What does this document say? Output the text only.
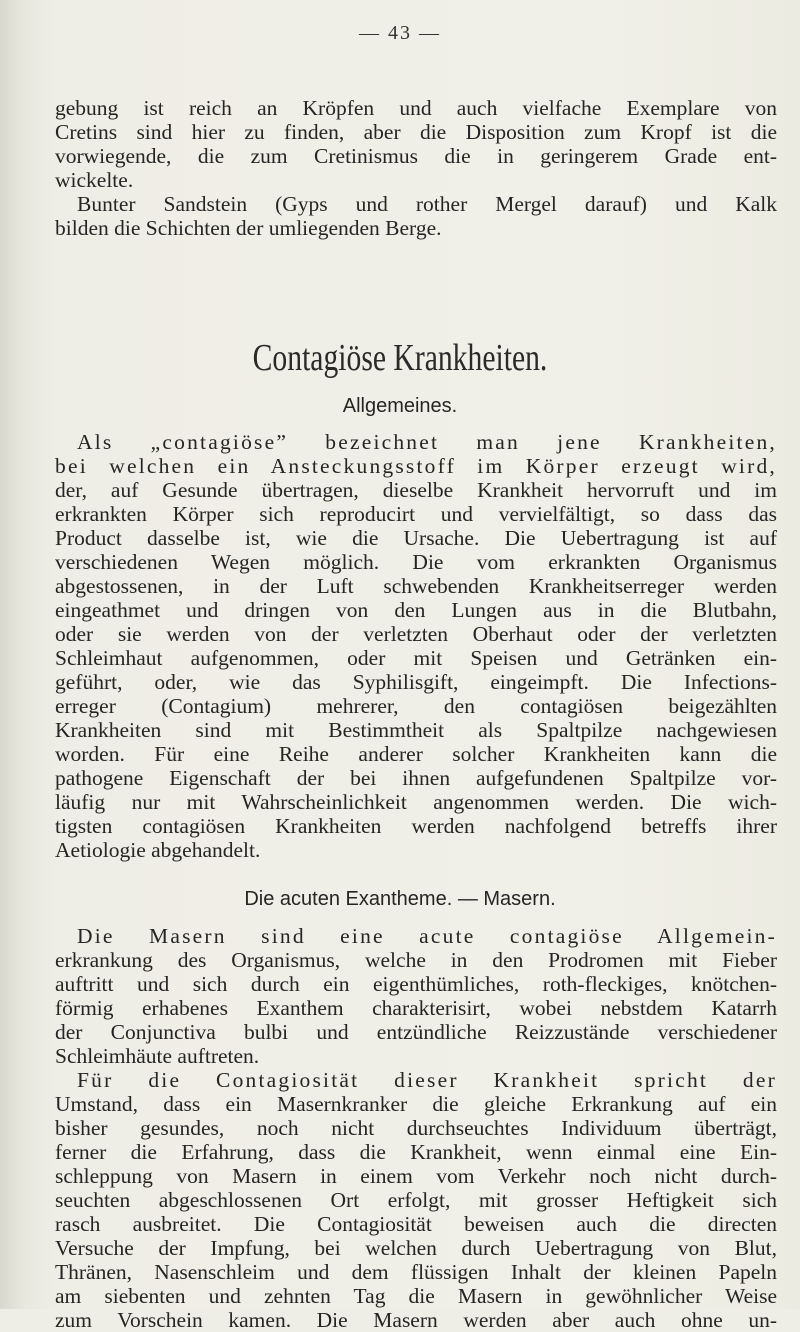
— 43 —
gebung ist reich an Kröpfen und auch vielfache Exemplare von
Cretins sind hier zu finden, aber die Disposition zum Kropf ist die
vorwiegende, die zum Cretinismus die in geringerem Grade ent-
wickelte.
Bunter Sandstein (Gyps und rother Mergel darauf) und Kalk
bilden die Schichten der umliegenden Berge.
Contagiöse Krankheiten.
Allgemeines.
Als „contagiöse” bezeichnet man jene Krankheiten,
bei welchen ein Ansteckungsstoff im Körper erzeugt wird,
der, auf Gesunde übertragen, dieselbe Krankheit hervorruft und im
erkrankten Körper sich reproducirt und vervielfältigt, so dass das
Product dasselbe ist, wie die Ursache. Die Uebertragung ist auf
verschiedenen Wegen möglich. Die vom erkrankten Organismus
abgestossenen, in der Luft schwebenden Krankheitserreger werden
eingeathmet und dringen von den Lungen aus in die Blutbahn,
oder sie werden von der verletzten Oberhaut oder der verletzten
Schleimhaut aufgenommen, oder mit Speisen und Getränken ein-
geführt, oder, wie das Syphilisgift, eingeimpft. Die Infections-
erreger (Contagium) mehrerer, den contagiösen beigezählten
Krankheiten sind mit Bestimmtheit als Spaltpilze nachgewiesen
worden. Für eine Reihe anderer solcher Krankheiten kann die
pathogene Eigenschaft der bei ihnen aufgefundenen Spaltpilze vor-
läufig nur mit Wahrscheinlichkeit angenommen werden. Die wich-
tigsten contagiösen Krankheiten werden nachfolgend betreffs ihrer
Aetiologie abgehandelt.
Die acuten Exantheme. — Masern.
Die Masern sind eine acute contagiöse Allgemein-
erkrankung des Organismus, welche in den Prodromen mit Fieber
auftritt und sich durch ein eigenthümliches, roth-fleckiges, knötchen-
förmig erhabenes Exanthem charakterisirt, wobei nebstdem Katarrh
der Conjunctiva bulbi und entzündliche Reizzustände verschiedener
Schleimhäute auftreten.
Für die Contagiosität dieser Krankheit spricht der
Umstand, dass ein Masernkranker die gleiche Erkrankung auf ein
bisher gesundes, noch nicht durchseuchtes Individuum überträgt,
ferner die Erfahrung, dass die Krankheit, wenn einmal eine Ein-
schleppung von Masern in einem vom Verkehr noch nicht durch-
seuchten abgeschlossenen Ort erfolgt, mit grosser Heftigkeit sich
rasch ausbreitet. Die Contagiosität beweisen auch die directen
Versuche der Impfung, bei welchen durch Uebertragung von Blut,
Thränen, Nasenschleim und dem flüssigen Inhalt der kleinen Papeln
am siebenten und zehnten Tag die Masern in gewöhnlicher Weise
zum Vorschein kamen. Die Masern werden aber auch ohne un-
